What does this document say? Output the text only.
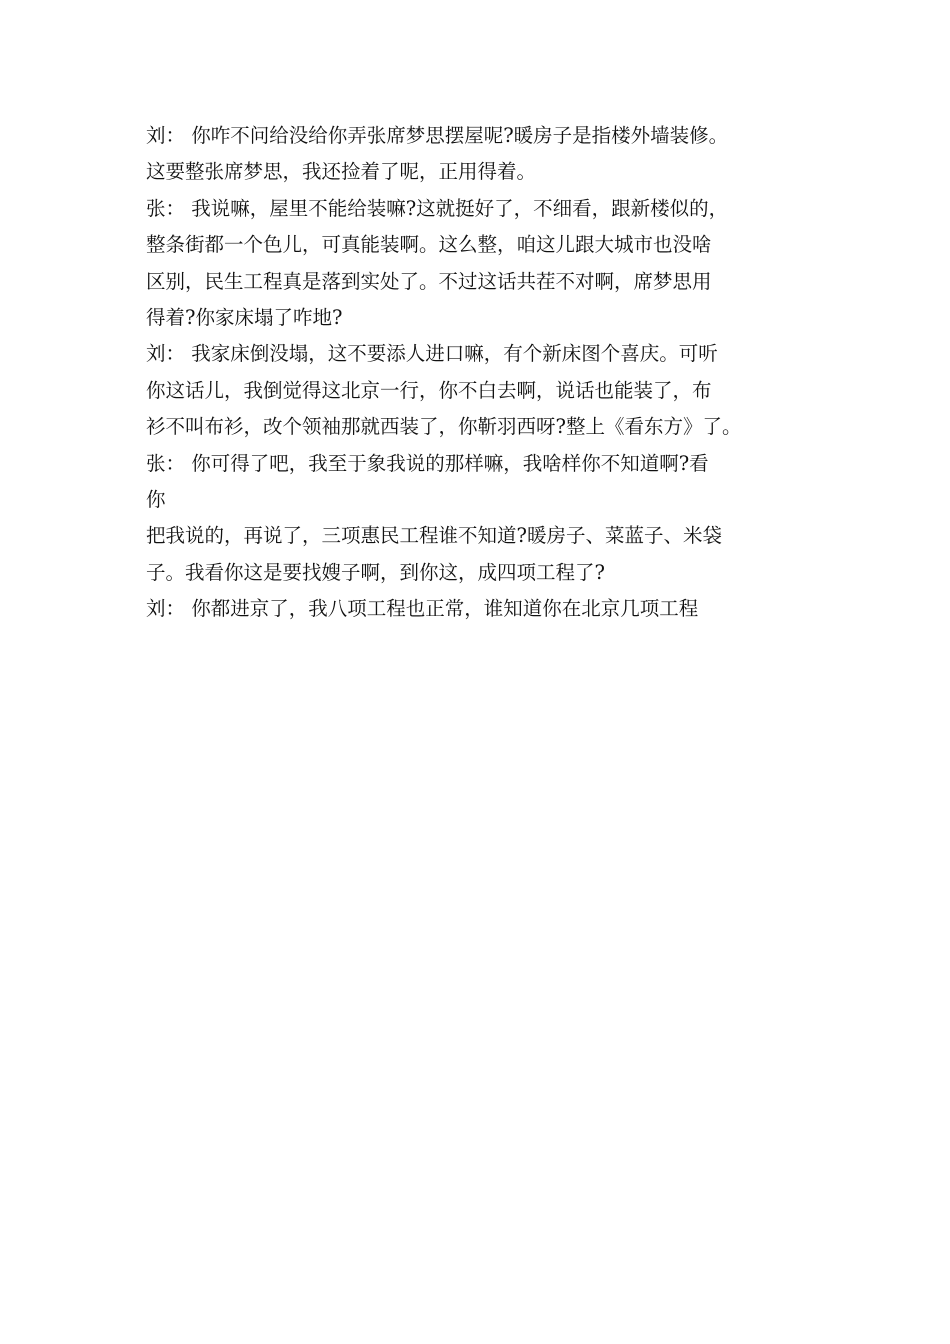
刘： 你咋不问给没给你弄张席梦思摆屋呢?暖房子是指楼外墙装修。
这要整张席梦思，我还捡着了呢，正用得着。
张： 我说嘛，屋里不能给装嘛?这就挺好了，不细看，跟新楼似的，
整条街都一个色儿，可真能装啊。这么整，咱这儿跟大城市也没啥
区别，民生工程真是落到实处了。不过这话共茬不对啊，席梦思用
得着?你家床塌了咋地?
刘： 我家床倒没塌，这不要添人进口嘛，有个新床图个喜庆。可听
你这话儿，我倒觉得这北京一行，你不白去啊，说话也能装了，布
衫不叫布衫，改个领袖那就西装了，你靳羽西呀?整上《看东方》了。
张： 你可得了吧，我至于象我说的那样嘛，我啥样你不知道啊?看
你
把我说的，再说了，三项惠民工程谁不知道?暖房子、菜蓝子、米袋
子。我看你这是要找嫂子啊，到你这，成四项工程了?
刘： 你都进京了，我八项工程也正常，谁知道你在北京几项工程
